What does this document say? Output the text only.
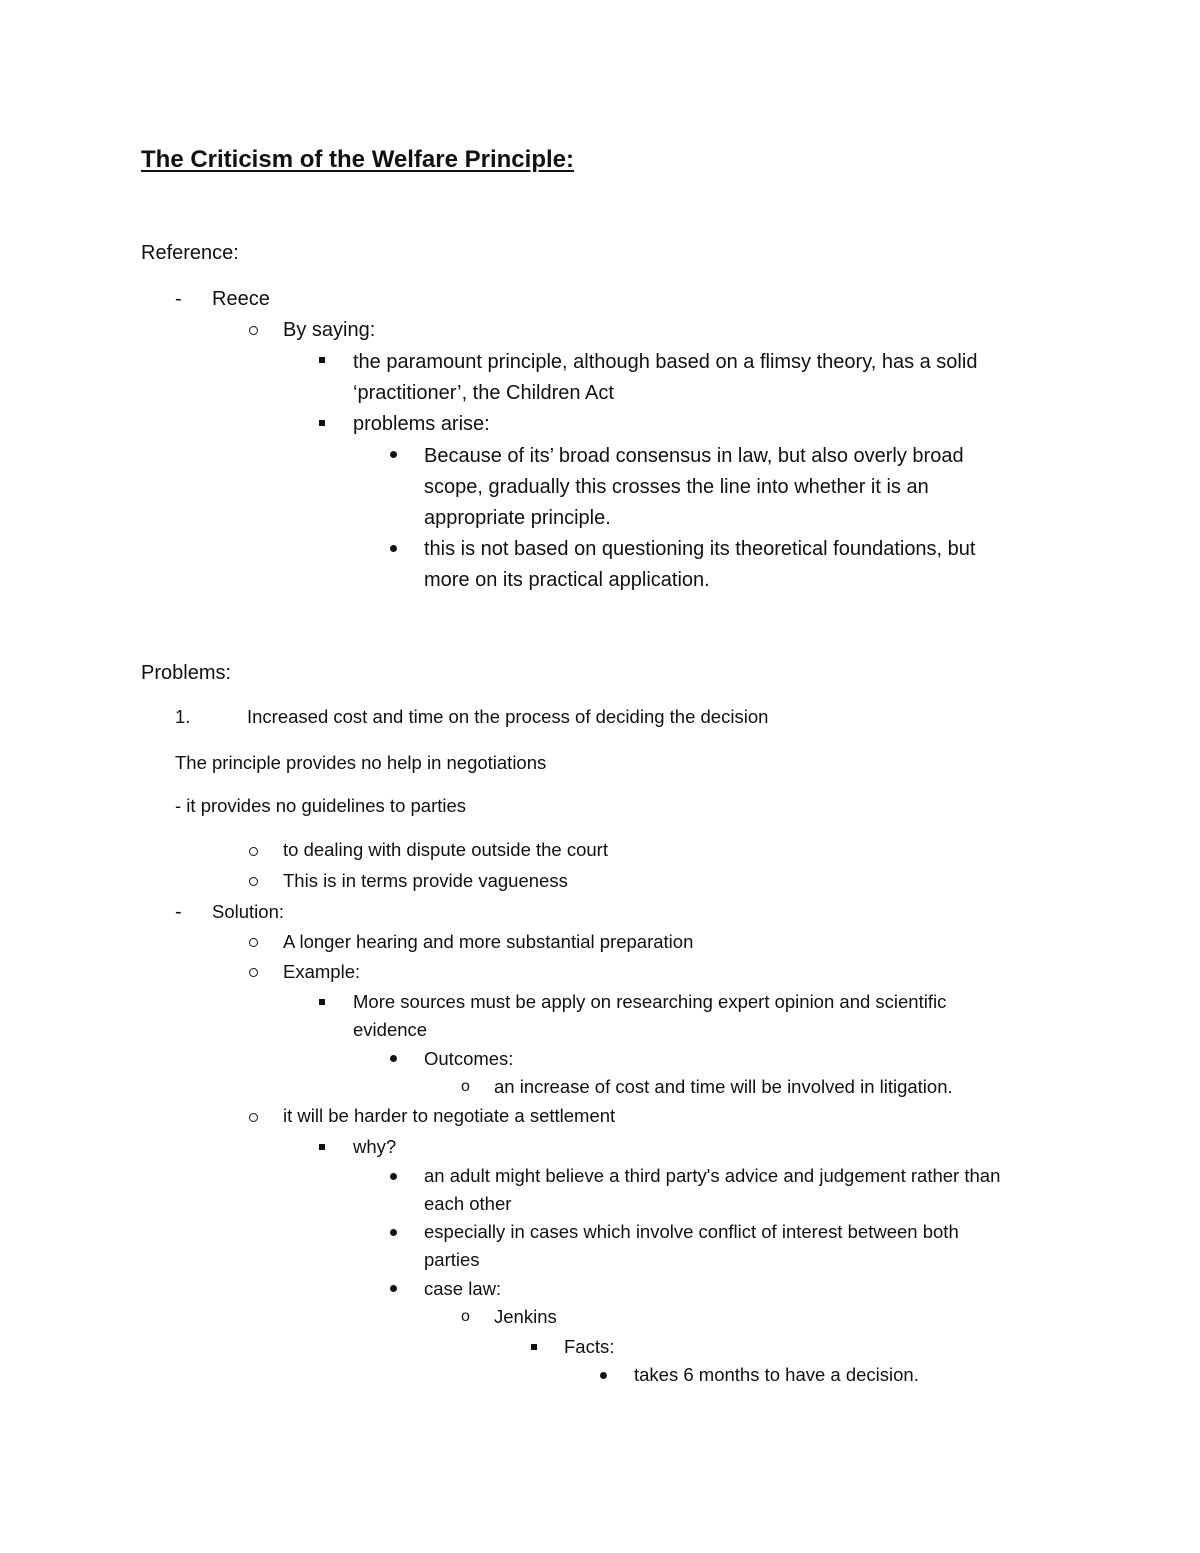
The Criticism of the Welfare Principle:
Reference:
- Reece
By saying:
the paramount principle, although based on a flimsy theory, has a solid
‘practitioner’, the Children Act
problems arise:
Because of its’ broad consensus in law, but also overly broad
scope, gradually this crosses the line into whether it is an
appropriate principle.
this is not based on questioning its theoretical foundations, but
more on its practical application.
Problems:
1.	Increased cost and time on the process of deciding the decision
The principle provides no help in negotiations
- it provides no guidelines to parties
to dealing with dispute outside the court
This is in terms provide vagueness
- Solution:
A longer hearing and more substantial preparation
Example:
More sources must be apply on researching expert opinion and scientific
evidence
Outcomes:
o an increase of cost and time will be involved in litigation.
it will be harder to negotiate a settlement
why?
an adult might believe a third party's advice and judgement rather than
each other
especially in cases which involve conflict of interest between both
parties
case law:
o Jenkins
Facts:
takes 6 months to have a decision.
